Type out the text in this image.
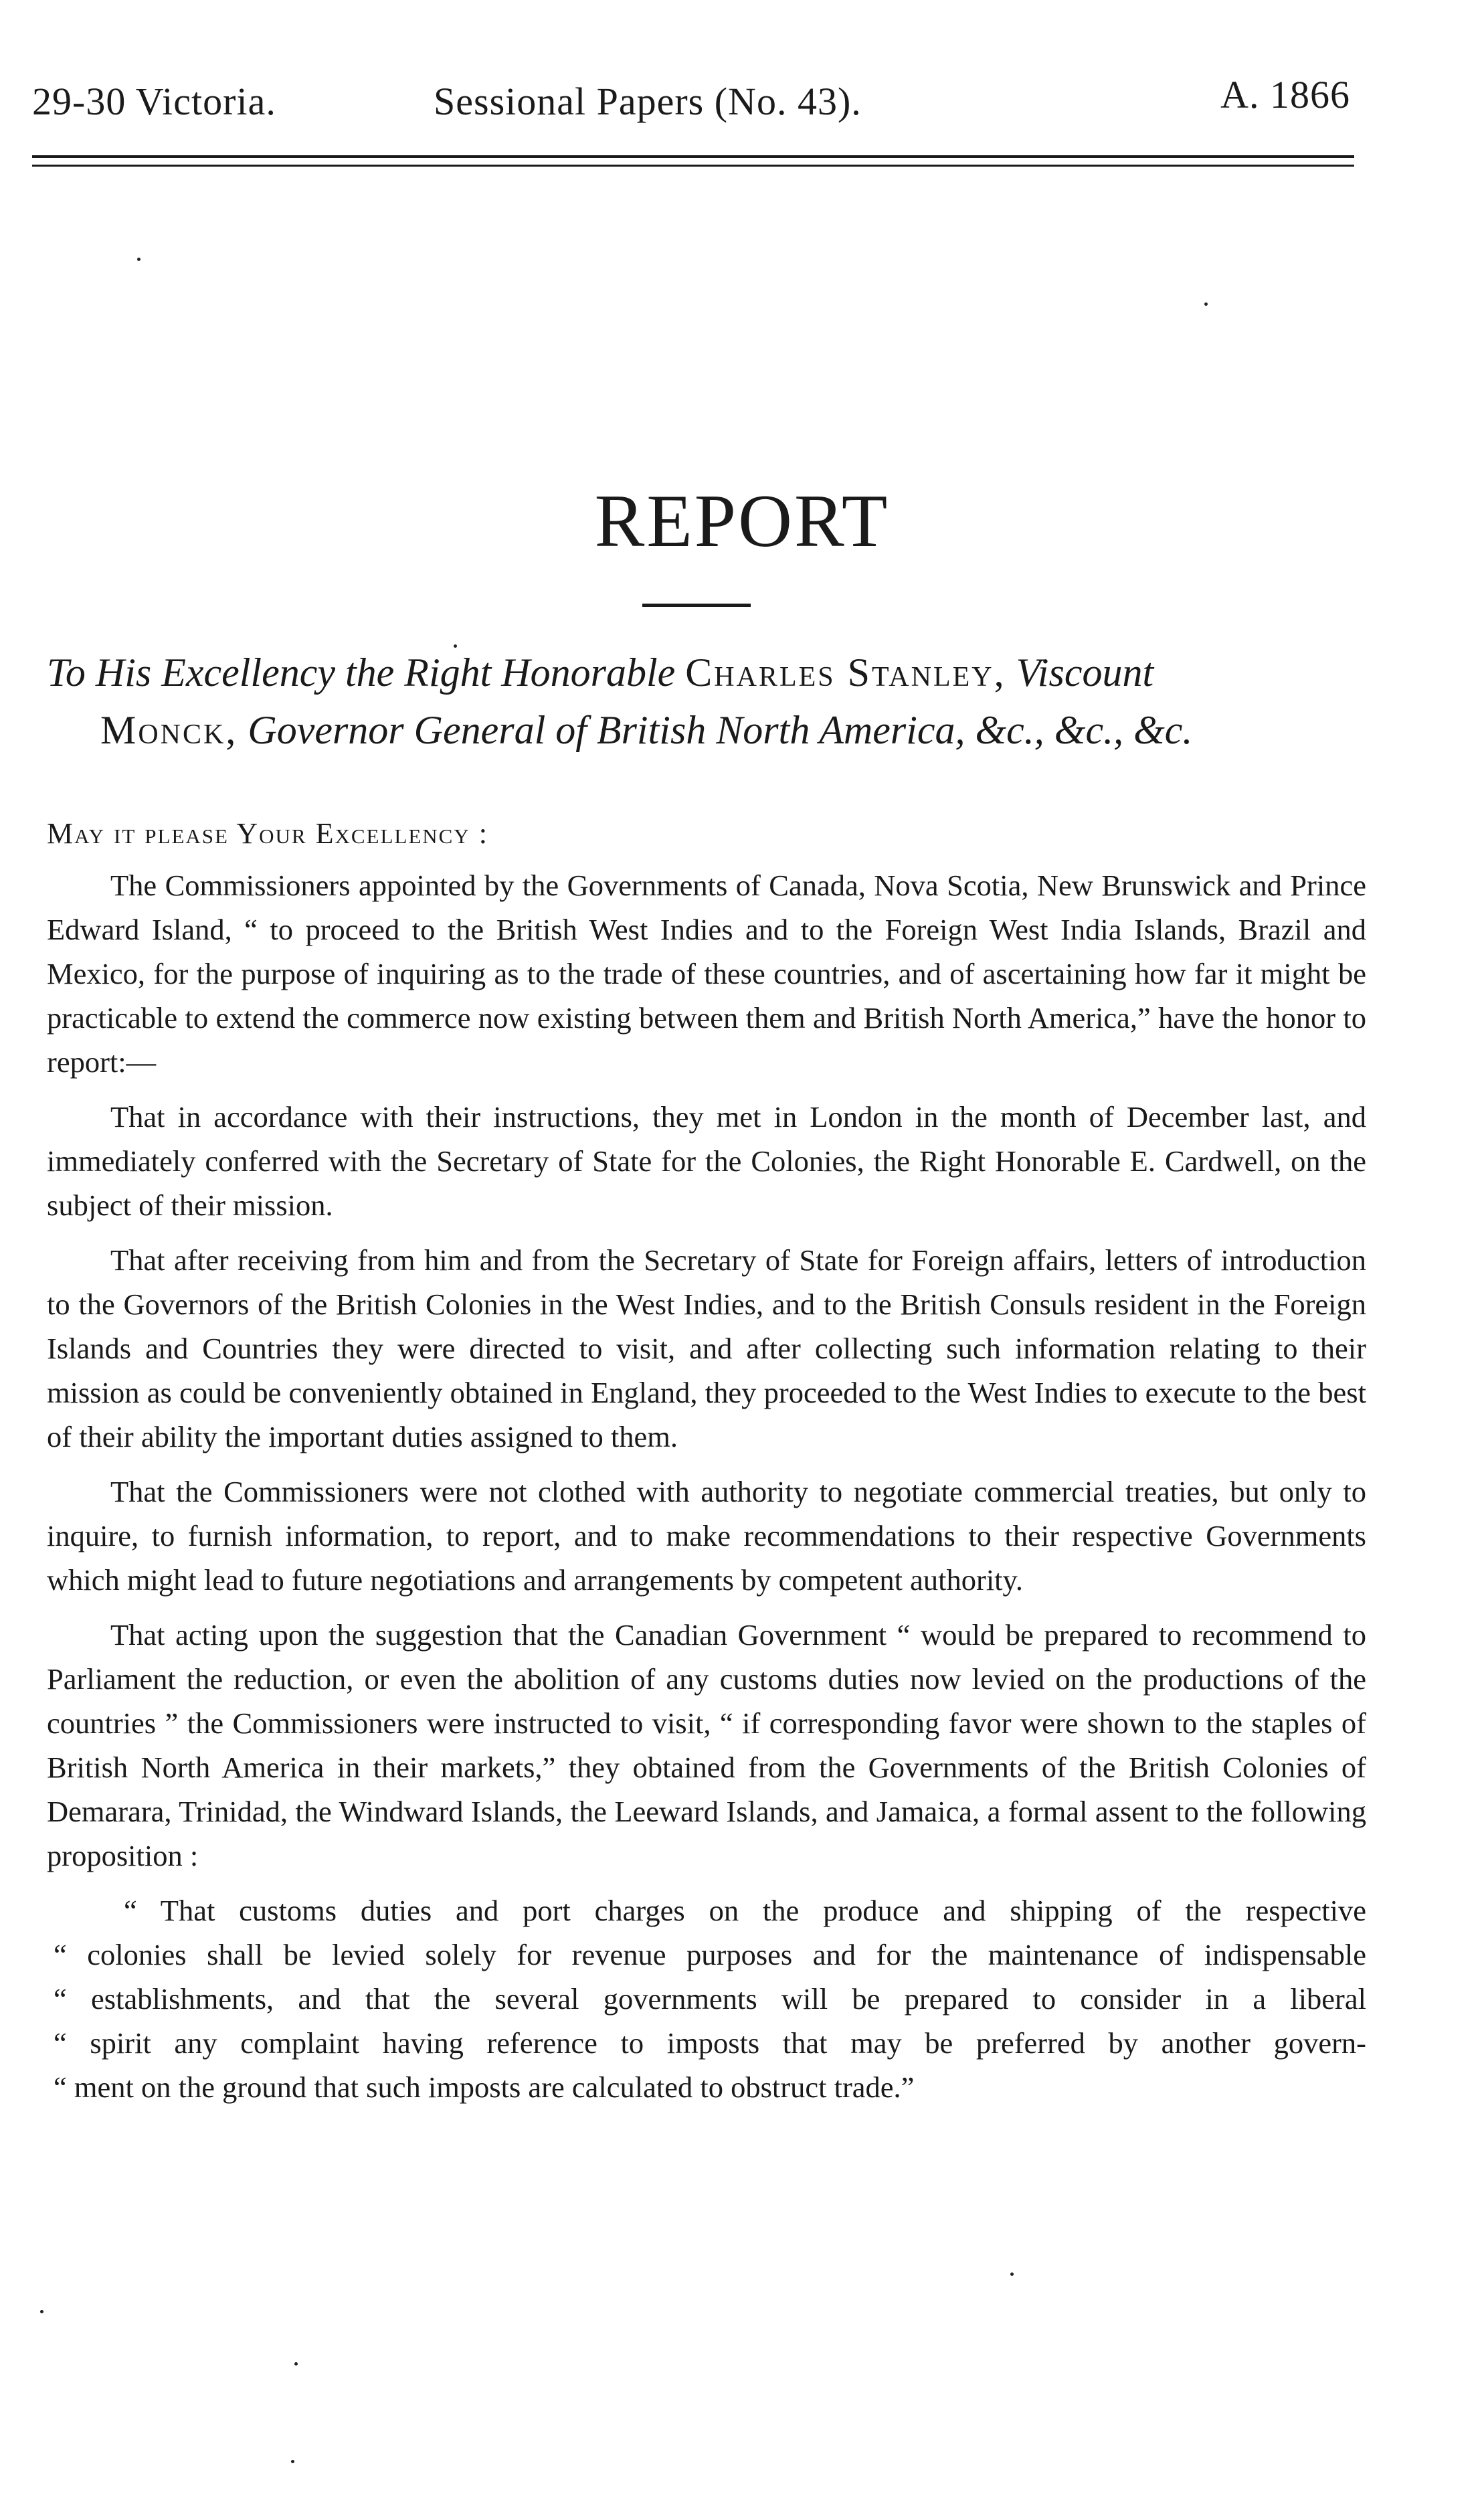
29-30 Victoria.	Sessional Papers (No. 43).	A. 1866
REPORT
To His Excellency the Right Honorable Charles Stanley, Viscount
Monck, Governor General of British North America, &c., &c., &c.
May it please Your Excellency :

The Commissioners appointed by the Governments of Canada, Nova Scotia, New Brunswick and Prince Edward Island, “ to proceed to the British West Indies and to the Foreign West India Islands, Brazil and Mexico, for the purpose of inquiring as to the trade of these countries, and of ascertaining how far it might be practicable to extend the commerce now existing between them and British North America,” have the honor to report:—

That in accordance with their instructions, they met in London in the month of December last, and immediately conferred with the Secretary of State for the Colonies, the Right Honorable E. Cardwell, on the subject of their mission.

That after receiving from him and from the Secretary of State for Foreign affairs, letters of introduction to the Governors of the British Colonies in the West Indies, and to the British Consuls resident in the Foreign Islands and Countries they were directed to visit, and after collecting such information relating to their mission as could be conveniently obtained in England, they proceeded to the West Indies to execute to the best of their ability the important duties assigned to them.

That the Commissioners were not clothed with authority to negotiate commercial treaties, but only to inquire, to furnish information, to report, and to make recommendations to their respective Governments which might lead to future negotiations and arrangements by competent authority.

That acting upon the suggestion that the Canadian Government “ would be prepared to recommend to Parliament the reduction, or even the abolition of any customs duties now levied on the productions of the countries ” the Commissioners were instructed to visit, “ if corresponding favor were shown to the staples of British North America in their markets,” they obtained from the Governments of the British Colonies of Demarara, Trinidad, the Windward Islands, the Leeward Islands, and Jamaica, a formal assent to the following proposition :

“ That customs duties and port charges on the produce and shipping of the respective
“ colonies shall be levied solely for revenue purposes and for the maintenance of indispensable
“ establishments, and that the several governments will be prepared to consider in a liberal
“ spirit any complaint having reference to imposts that may be preferred by another govern-
“ ment on the ground that such imposts are calculated to obstruct trade.”
